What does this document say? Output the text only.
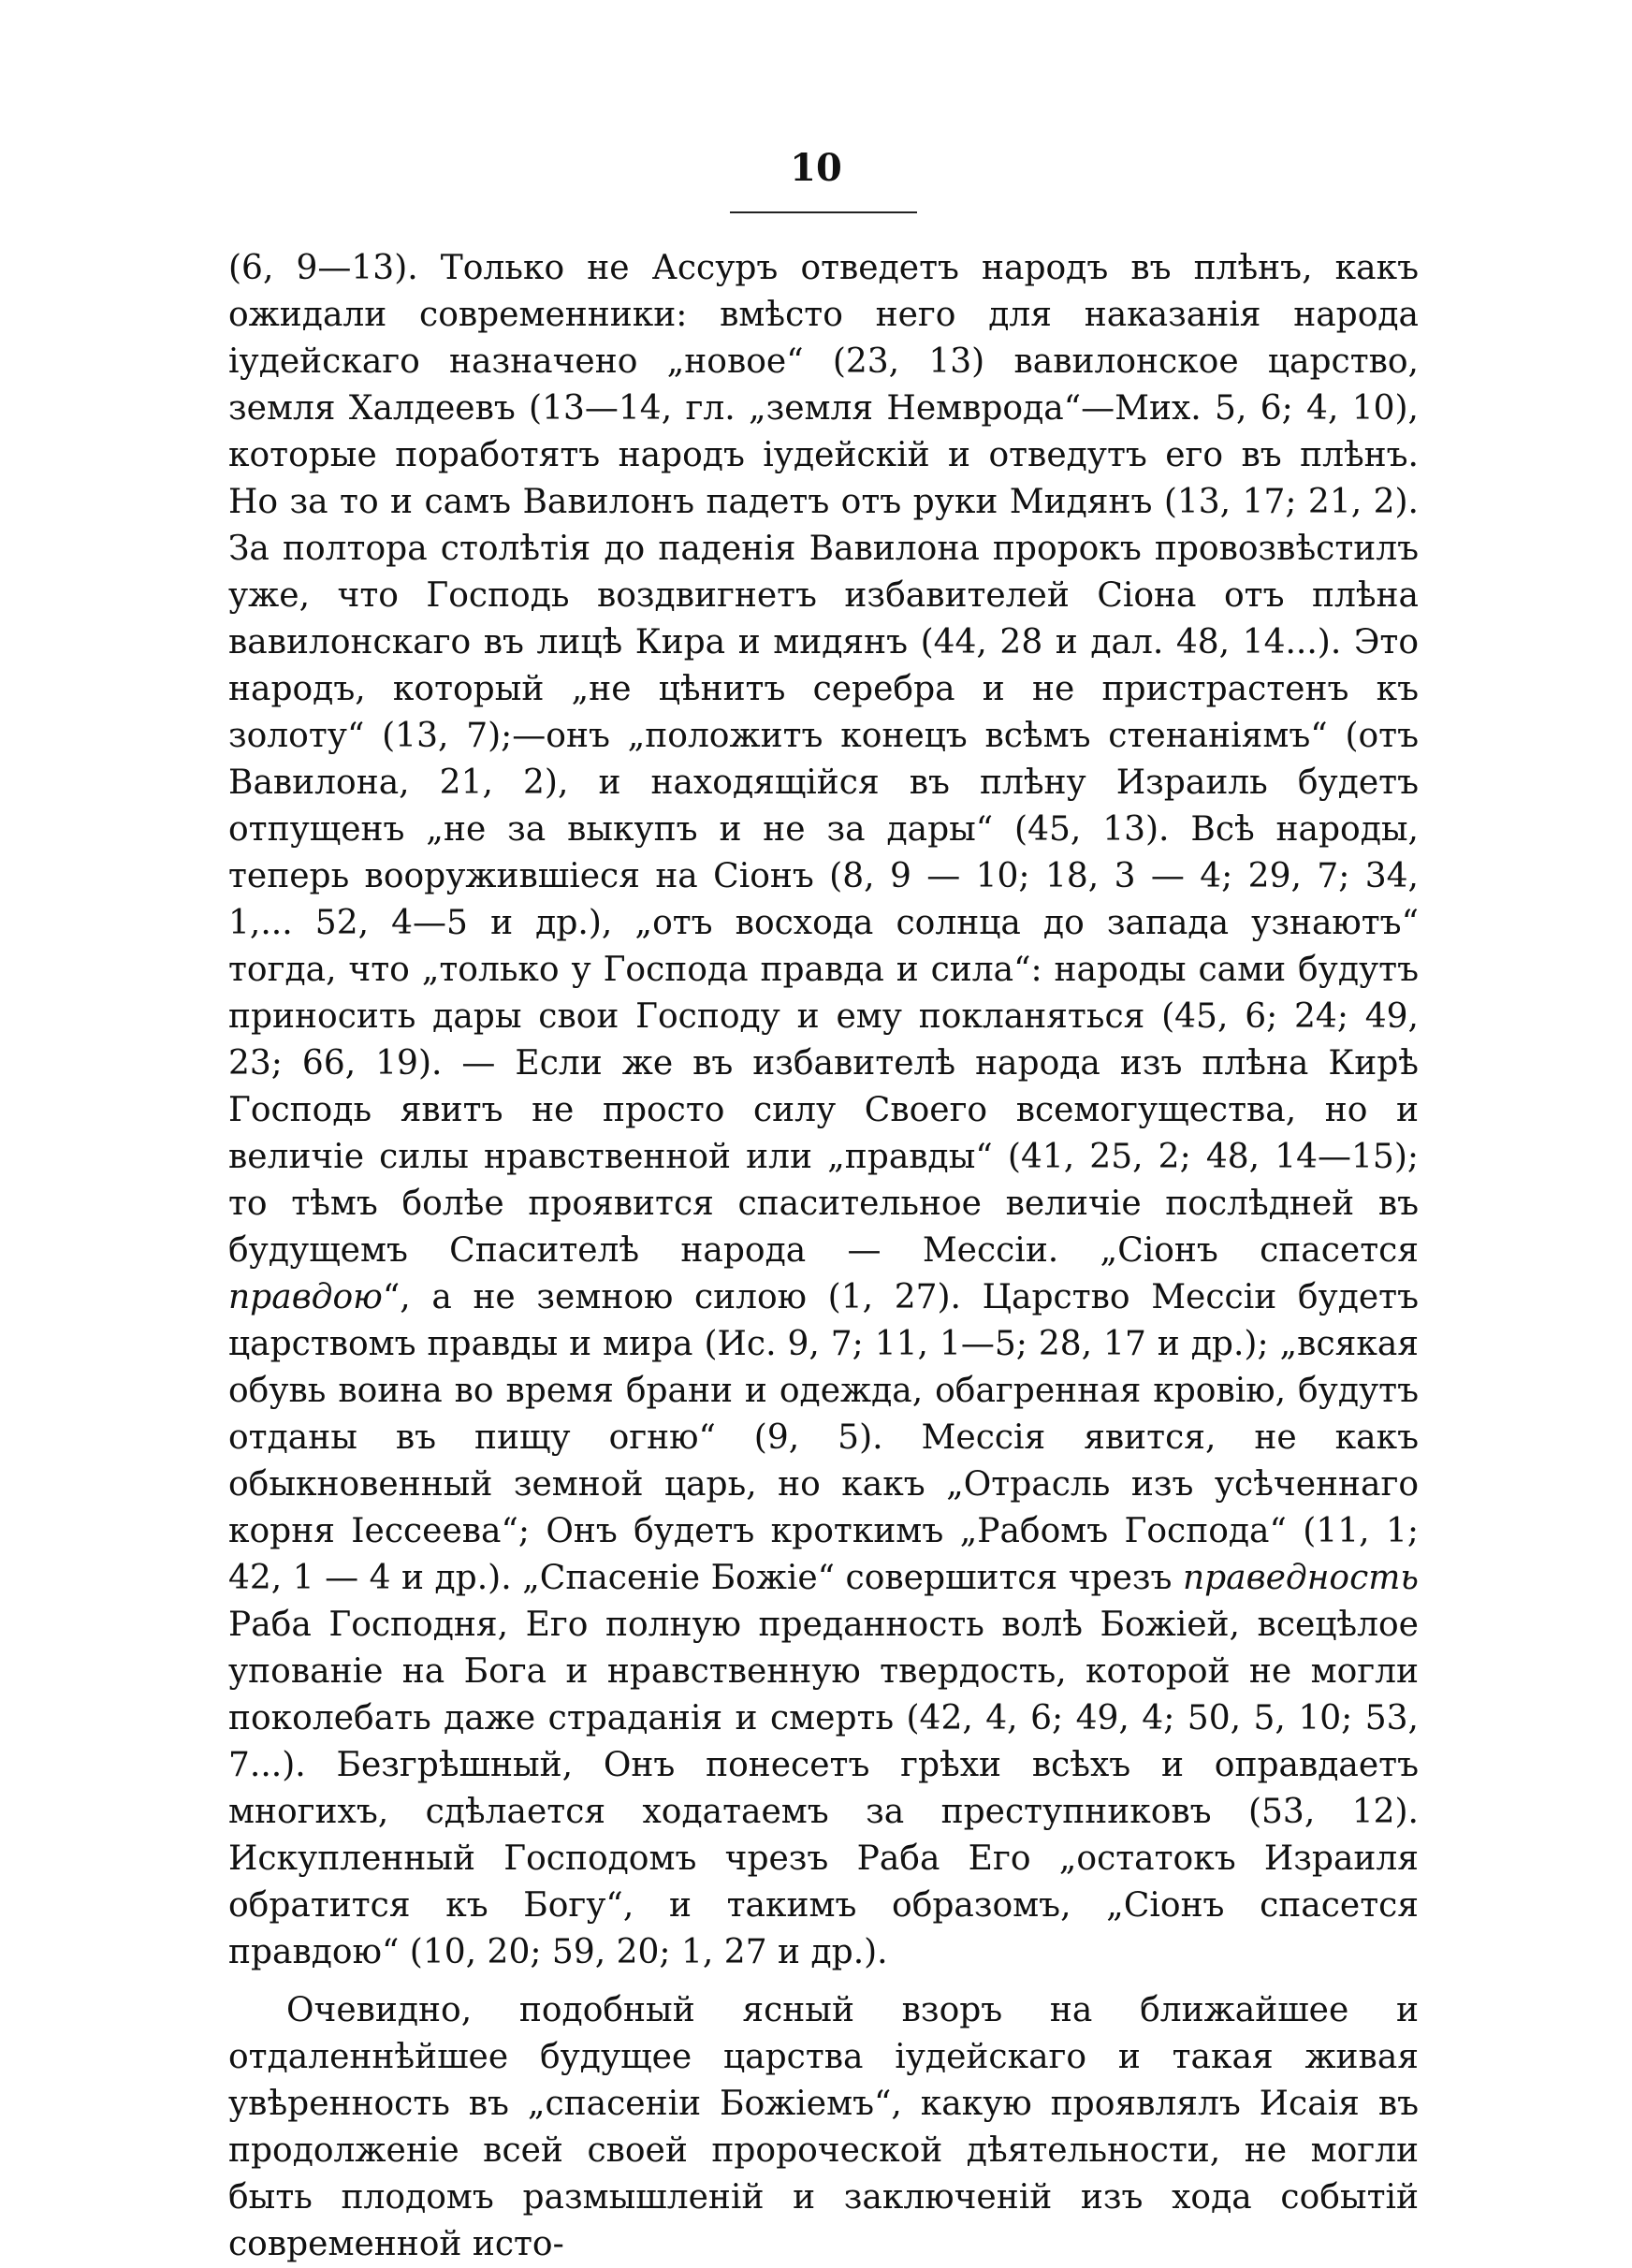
10

(6, 9—13). Только не Ассуръ отведетъ народъ въ плѣнъ, какъ ожидали современники: вмѣсто него для наказанія народа іудейскаго назначено „новое“ (23, 13) вавилонское царство, земля Халдеевъ (13—14, гл. „земля Немврода“—Мих. 5, 6; 4, 10), которые поработятъ народъ іудейскій и отведутъ его въ плѣнъ. Но за то и самъ Вавилонъ падетъ отъ руки Мидянъ (13, 17; 21, 2). За полтора столѣтія до паденія Вавилона пророкъ провозвѣстилъ уже, что Господь воздвигнетъ избавителей Сіона отъ плѣна вавилонскаго въ лицѣ Кира и мидянъ (44, 28 и дал. 48, 14...). Это народъ, который „не цѣнитъ серебра и не пристрастенъ къ золоту“ (13, 7);—онъ „положитъ конецъ всѣмъ стенаніямъ“ (отъ Вавилона, 21, 2), и находящійся въ плѣну Израиль будетъ отпущенъ „не за выкупъ и не за дары“ (45, 13). Всѣ народы, теперь вооружившіеся на Сіонъ (8, 9 — 10; 18, 3 — 4; 29, 7; 34, 1,... 52, 4—5 и др.), „отъ восхода солнца до запада узнаютъ“ тогда, что „только у Господа правда и сила“: народы сами будутъ приносить дары свои Господу и ему покланяться (45, 6; 24; 49, 23; 66, 19). — Если же въ избавителѣ народа изъ плѣна Кирѣ Господь явитъ не просто силу Своего всемогущества, но и величіе силы нравственной или „правды“ (41, 25, 2; 48, 14—15); то тѣмъ болѣе проявится спасительное величіе послѣдней въ будущемъ Спасителѣ народа — Мессіи. „Сіонъ спасется правдою“, а не земною силою (1, 27). Царство Мессіи будетъ царствомъ правды и мира (Ис. 9, 7; 11, 1—5; 28, 17 и др.); „всякая обувь воина во время брани и одежда, обагренная кровію, будутъ отданы въ пищу огню“ (9, 5). Мессія явится, не какъ обыкновенный земной царь, но какъ „Отрасль изъ усѣченнаго корня Іессеева“; Онъ будетъ кроткимъ „Рабомъ Господа“ (11, 1; 42, 1 — 4 и др.). „Спасеніе Божіе“ совершится чрезъ праведность Раба Господня, Его полную преданность волѣ Божіей, всецѣлое упованіе на Бога и нравственную твердость, которой не могли поколебать даже страданія и смерть (42, 4, 6; 49, 4; 50, 5, 10; 53, 7...). Безгрѣшный, Онъ понесетъ грѣхи всѣхъ и оправдаетъ многихъ, сдѣлается ходатаемъ за преступниковъ (53, 12). Искупленный Господомъ чрезъ Раба Его „остатокъ Израиля обратится къ Богу“, и такимъ образомъ, „Сіонъ спасется правдою“ (10, 20; 59, 20; 1, 27 и др.).

Очевидно, подобный ясный взоръ на ближайшее и отдаленнѣйшее будущее царства іудейскаго и такая живая увѣренность въ „спасеніи Божіемъ“, какую проявлялъ Исаія въ продолженіе всей своей пророческой дѣятельности, не могли быть плодомъ размышленій и заключеній изъ хода событій современной исто-
